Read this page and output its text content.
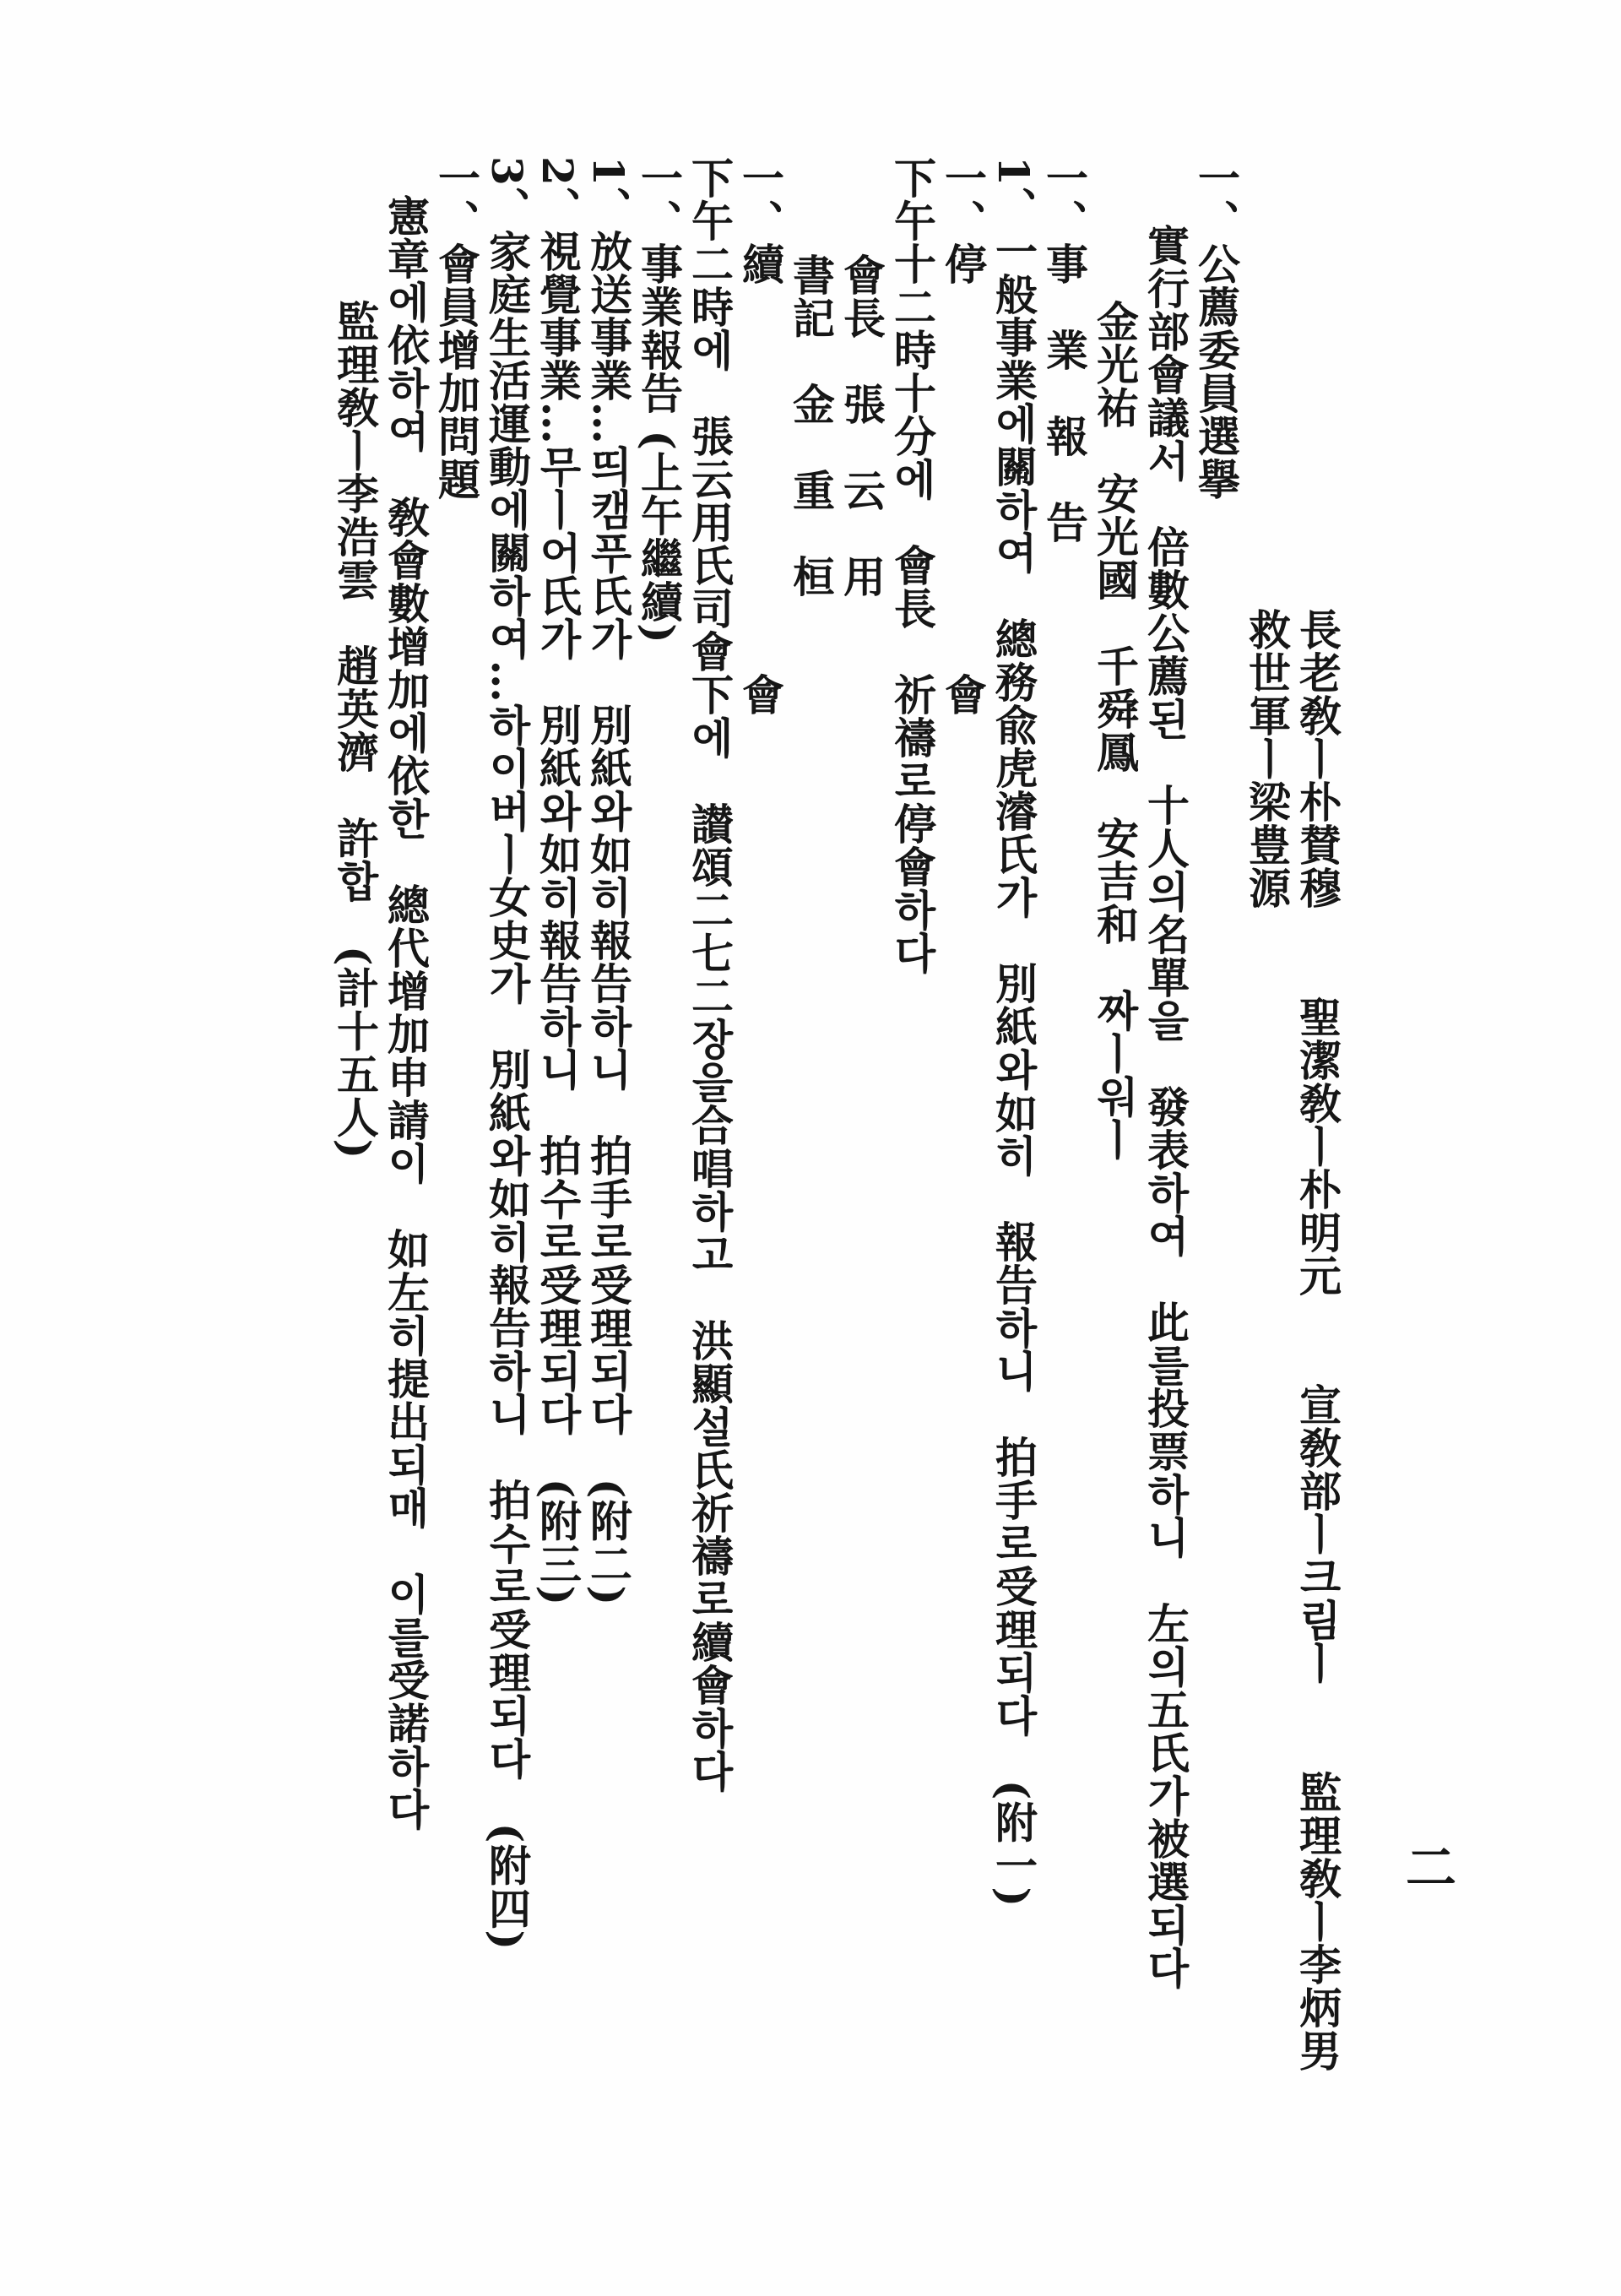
二
長老敎ㅣ朴賛穆　　聖潔敎ㅣ朴明元　　宣敎部ㅣ크림ㅣ　　監理敎ㅣ李炳男
救世軍ㅣ梁豊源
一、公薦委員選擧
實行部會議서　倍數公薦된　十人의名單을　發表하여　此를投票하니　左의五氏가被選되다
金光祐　安光國　千舜鳳　安吉和　짜ㅣ워ㅣ
一、事　業　報　告
1、一般事業에關하여　總務兪虎濬氏가　別紙와如히　報告하니　拍手로受理되다　(附一)
一、停　　　　　　　　　會
下午十二時十分에　會長　祈禱로停會하다
會長　張　云　用
書記　金　重　桓
一、續　　　　　　　　　會
下午二時에　張云用氏司會下에　讃頌二七二장을合唱하고　洪顯설氏祈禱로續會하다
一、事業報告 (上午繼續)
1、放送事業…띄캠푸氏가　別紙와如히報告하니　拍手로受理되다　(附二)
2、視覺事業…무ㅣ어氏가　別紙와如히報告하니　拍수로受理되다　(附三)
3、家庭生活運動에關하여…하이버ㅣ女史가　別紙와如히報告하니　拍수로受理되다　(附四)
一、會員增加問題
憲章에依하여　敎會數增加에依한　總代增加申請이　如左히提出되매　이를受諾하다
監理敎ㅣ李浩雲　趙英濟　許합　(計十五人)
